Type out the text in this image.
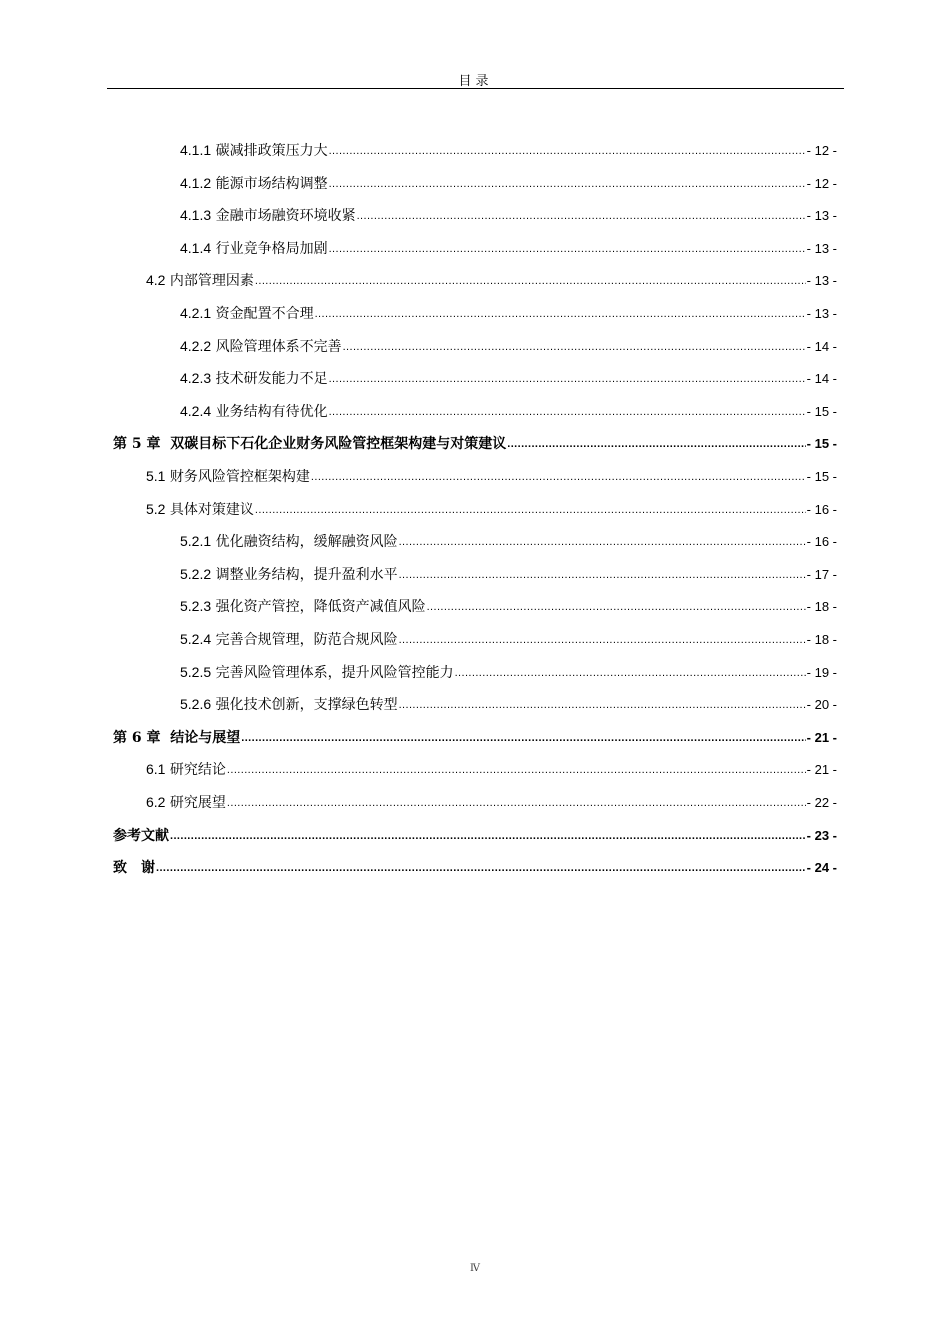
目录
4.1.1 碳减排政策压力大 .....	- 12 -
4.1.2 能源市场结构调整 .....	- 12 -
4.1.3 金融市场融资环境收紧 .....	- 13 -
4.1.4 行业竞争格局加剧 .....	- 13 -
4.2 内部管理因素 .....	- 13 -
4.2.1 资金配置不合理 .....	- 13 -
4.2.2 风险管理体系不完善 .....	- 14 -
4.2.3 技术研发能力不足 .....	- 14 -
4.2.4 业务结构有待优化 .....	- 15 -
第 5 章 双碳目标下石化企业财务风险管控框架构建与对策建议 .....	- 15 -
5.1 财务风险管控框架构建 .....	- 15 -
5.2 具体对策建议 .....	- 16 -
5.2.1 优化融资结构，缓解融资风险 .....	- 16 -
5.2.2 调整业务结构，提升盈利水平 .....	- 17 -
5.2.3 强化资产管控，降低资产减值风险 .....	- 18 -
5.2.4 完善合规管理，防范合规风险 .....	- 18 -
5.2.5 完善风险管理体系，提升风险管控能力 .....	- 19 -
5.2.6 强化技术创新，支撑绿色转型 .....	- 20 -
第 6 章 结论与展望 .....	- 21 -
6.1 研究结论 .....	- 21 -
6.2 研究展望 .....	- 22 -
参考文献 .....	- 23 -
致　谢 .....	- 24 -
Ⅳ
